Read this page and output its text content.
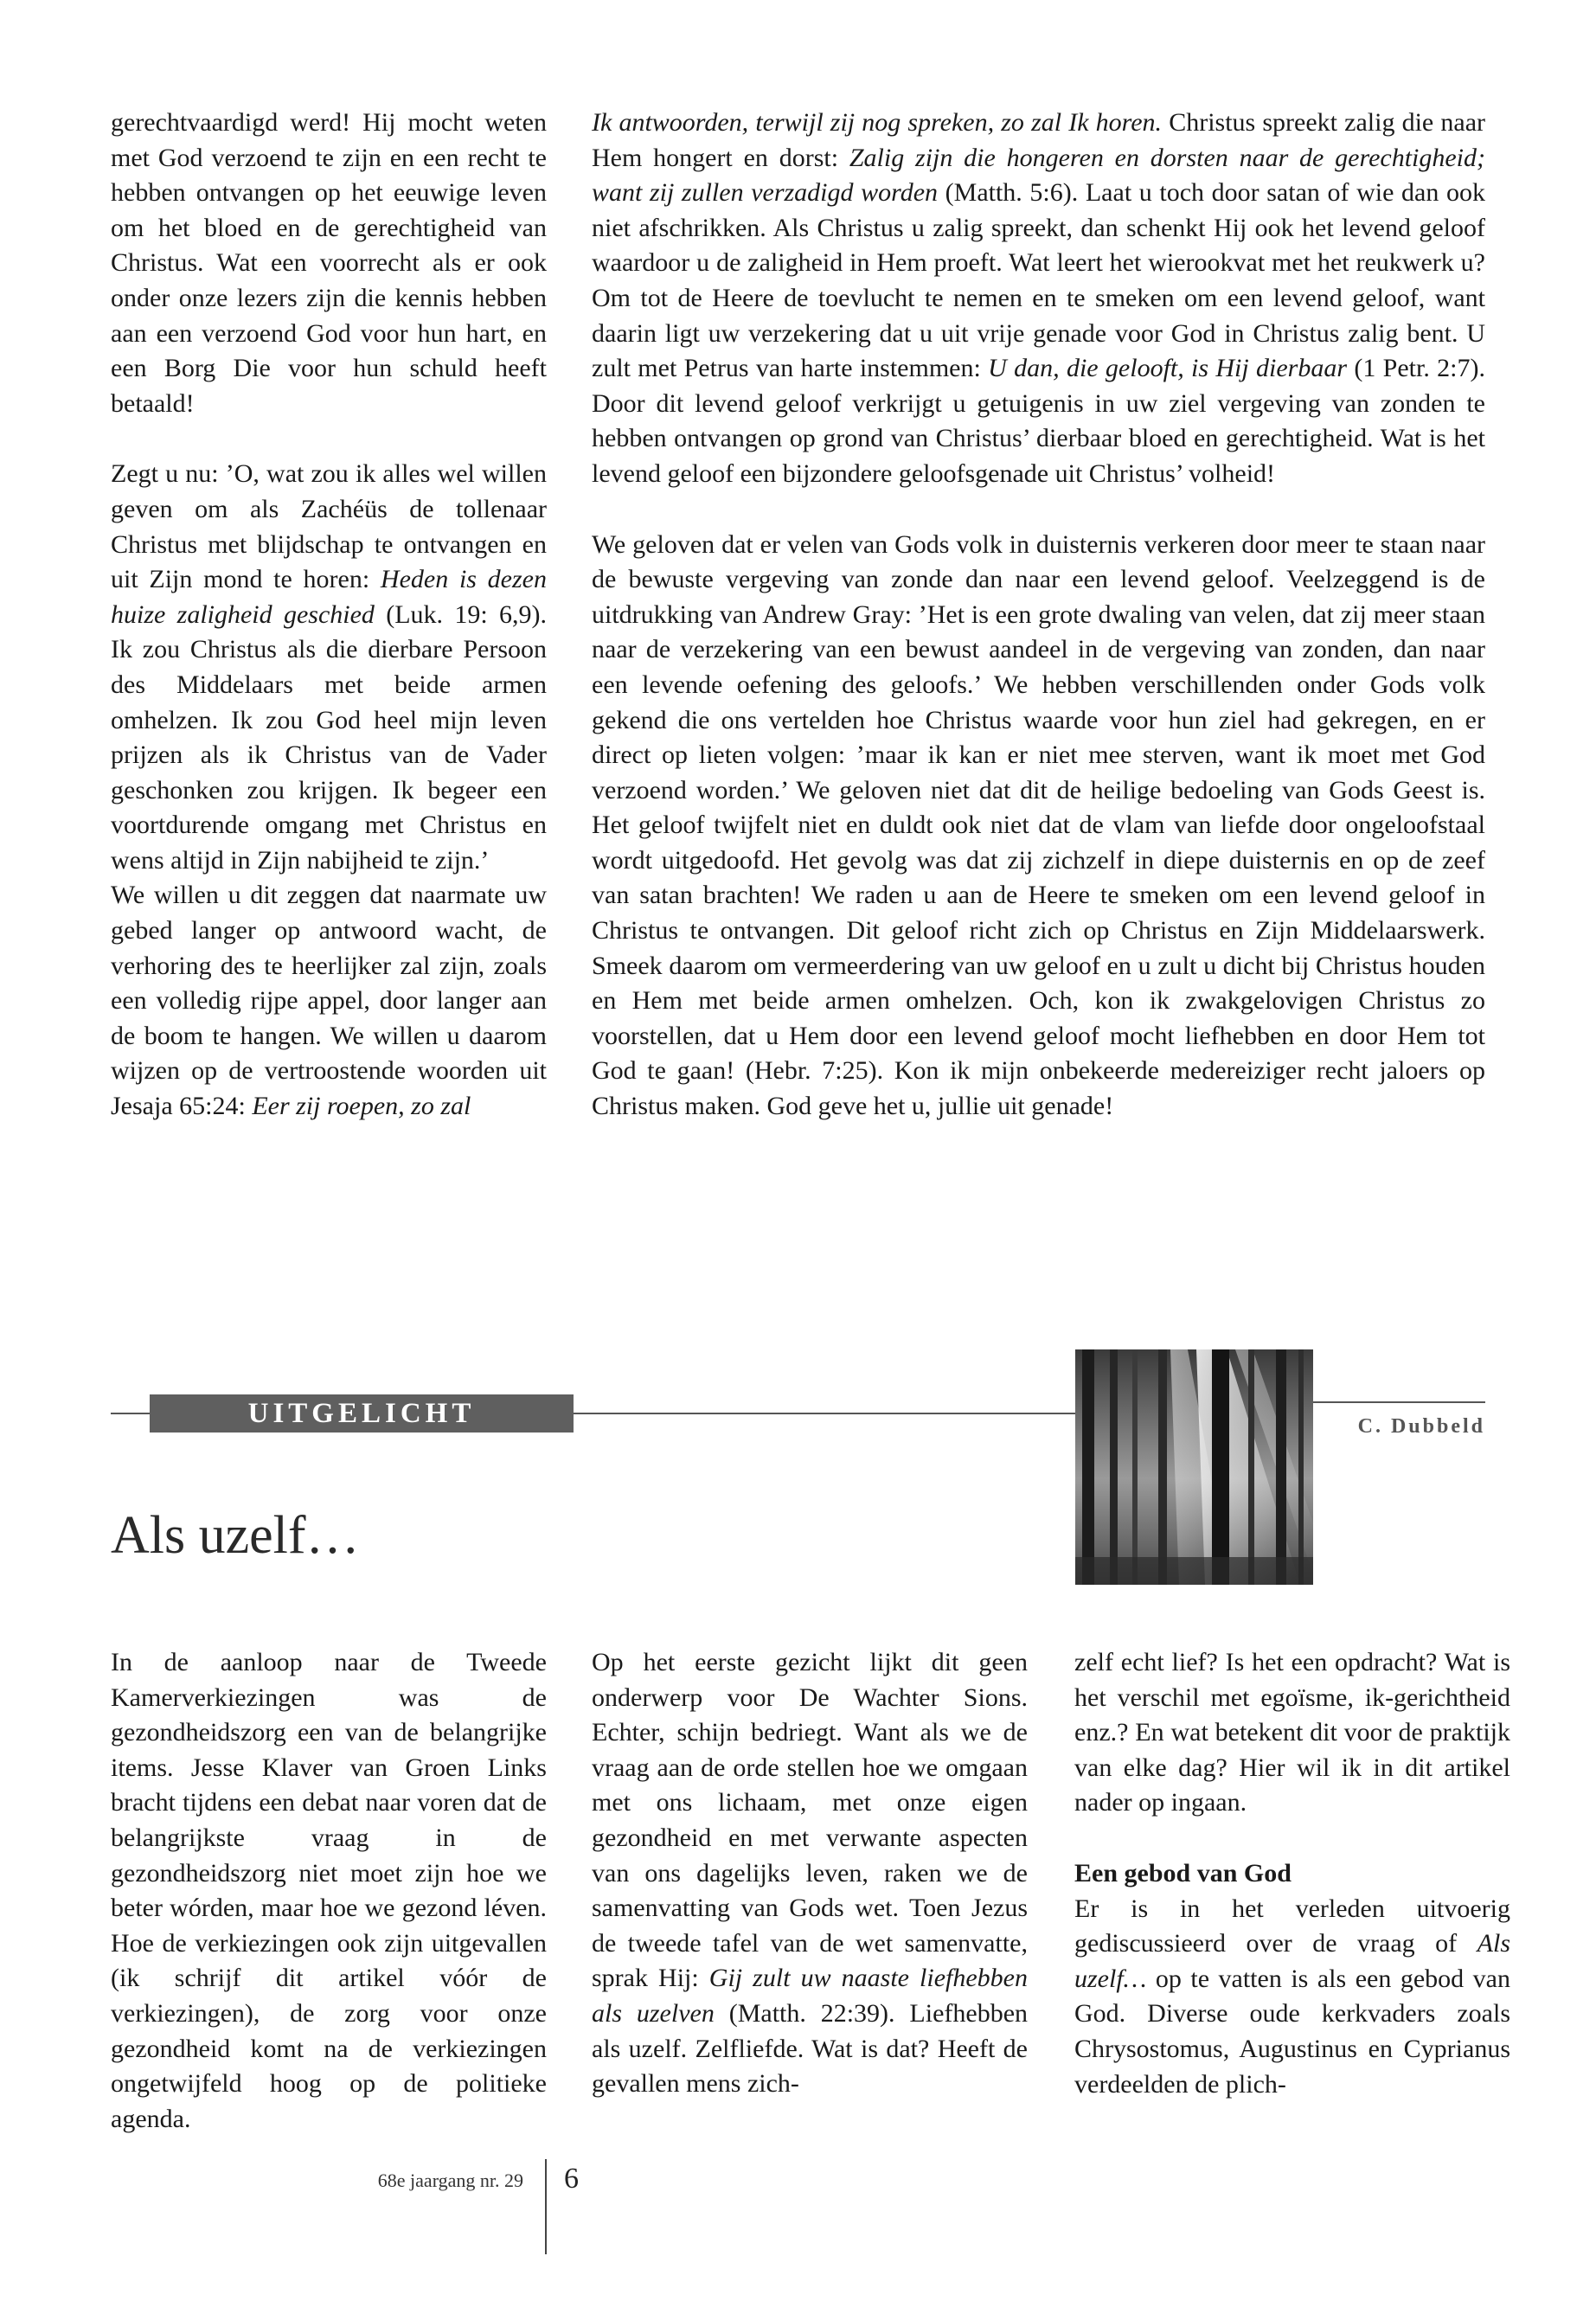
gerechtvaardigd werd! Hij mocht weten met God verzoend te zijn en een recht te hebben ontvangen op het eeuwige leven om het bloed en de gerechtigheid van Christus. Wat een voorrecht als er ook onder onze lezers zijn die kennis hebben aan een verzoend God voor hun hart, en een Borg Die voor hun schuld heeft betaald!

Zegt u nu: ’O, wat zou ik alles wel willen geven om als Zachéüs de tollenaar Christus met blijdschap te ontvangen en uit Zijn mond te horen: Heden is dezen huize zaligheid geschied (Luk. 19: 6,9). Ik zou Christus als die dierbare Persoon des Middelaars met beide armen omhelzen. Ik zou God heel mijn leven prijzen als ik Christus van de Vader geschonken zou krijgen. Ik begeer een voortdurende omgang met Christus en wens altijd in Zijn nabijheid te zijn.’

We willen u dit zeggen dat naarmate uw gebed langer op antwoord wacht, de verhoring des te heerlijker zal zijn, zoals een volledig rijpe appel, door langer aan de boom te hangen. We willen u daarom wijzen op de vertroostende woorden uit Jesaja 65:24: Eer zij roepen, zo zal

Ik antwoorden, terwijl zij nog spreken, zo zal Ik horen. Christus spreekt zalig die naar Hem hongert en dorst: Zalig zijn die hongeren en dorsten naar de gerechtigheid; want zij zullen verzadigd worden (Matth. 5:6). Laat u toch door satan of wie dan ook niet afschrikken. Als Christus u zalig spreekt, dan schenkt Hij ook het levend geloof waardoor u de zaligheid in Hem proeft. Wat leert het wierookvat met het reukwerk u? Om tot de Heere de toevlucht te nemen en te smeken om een levend geloof, want daarin ligt uw verzekering dat u uit vrije genade voor God in Christus zalig bent. U zult met Petrus van harte instemmen: U dan, die gelooft, is Hij dierbaar (1 Petr. 2:7). Door dit levend geloof verkrijgt u getuigenis in uw ziel vergeving van zonden te hebben ontvangen op grond van Christus’ dierbaar bloed en gerechtigheid. Wat is het levend geloof een bijzondere geloofsgenade uit Christus’ volheid!

We geloven dat er velen van Gods volk in duisternis verkeren door meer te staan naar de bewuste vergeving van zonde dan naar een levend geloof. Veelzeggend is de uitdrukking van Andrew Gray: ’Het is een grote dwaling van velen, dat zij meer staan naar de verzekering van een bewust aandeel in de vergeving van zonden, dan naar een levende oefening des geloofs.’ We hebben verschillenden onder Gods volk gekend die ons vertelden hoe Christus waarde voor hun ziel had gekregen, en er direct op lieten volgen: ’maar ik kan er niet mee sterven, want ik moet met God verzoend worden.’ We geloven niet dat dit de heilige bedoeling van Gods Geest is. Het geloof twijfelt niet en duldt ook niet dat de vlam van liefde door ongeloofstaal wordt uitgedoofd. Het gevolg was dat zij zichzelf in diepe duisternis en op de zeef van satan brachten! We raden u aan de Heere te smeken om een levend geloof in Christus te ontvangen. Dit geloof richt zich op Christus en Zijn Middelaarswerk. Smeek daarom om vermeerdering van uw geloof en u zult u dicht bij Christus houden en Hem met beide armen omhelzen. Och, kon ik zwakgelovigen Christus zo voorstellen, dat u Hem door een levend geloof mocht liefhebben en door Hem tot God te gaan! (Hebr. 7:25). Kon ik mijn onbekeerde medereiziger recht jaloers op Christus maken. God geve het u, jullie uit genade!

UITGELICHT	C. Dubbeld
Als uzelf…

In de aanloop naar de Tweede Kamerverkiezingen was de gezondheidszorg een van de belangrijke items. Jesse Klaver van Groen Links bracht tijdens een debat naar voren dat de belangrijkste vraag in de gezondheidszorg niet moet zijn hoe we beter wórden, maar hoe we gezond léven. Hoe de verkiezingen ook zijn uitgevallen (ik schrijf dit artikel vóór de verkiezingen), de zorg voor onze gezondheid komt na de verkiezingen ongetwijfeld hoog op de politieke agenda.

Op het eerste gezicht lijkt dit geen onderwerp voor De Wachter Sions. Echter, schijn bedriegt. Want als we de vraag aan de orde stellen hoe we omgaan met ons lichaam, met onze eigen gezondheid en met verwante aspecten van ons dagelijks leven, raken we de samenvatting van Gods wet. Toen Jezus de tweede tafel van de wet samenvatte, sprak Hij: Gij zult uw naaste liefhebben als uzelven (Matth. 22:39). Liefhebben als uzelf. Zelfliefde. Wat is dat? Heeft de gevallen mens zich-

zelf echt lief? Is het een opdracht? Wat is het verschil met egoïsme, ik-gerichtheid enz.? En wat betekent dit voor de praktijk van elke dag? Hier wil ik in dit artikel nader op ingaan.

Een gebod van God

Er is in het verleden uitvoerig gediscussieerd over de vraag of Als uzelf… op te vatten is als een gebod van God. Diverse oude kerkvaders zoals Chrysostomus, Augustinus en Cyprianus verdeelden de plich-

68e jaargang nr. 29 6
